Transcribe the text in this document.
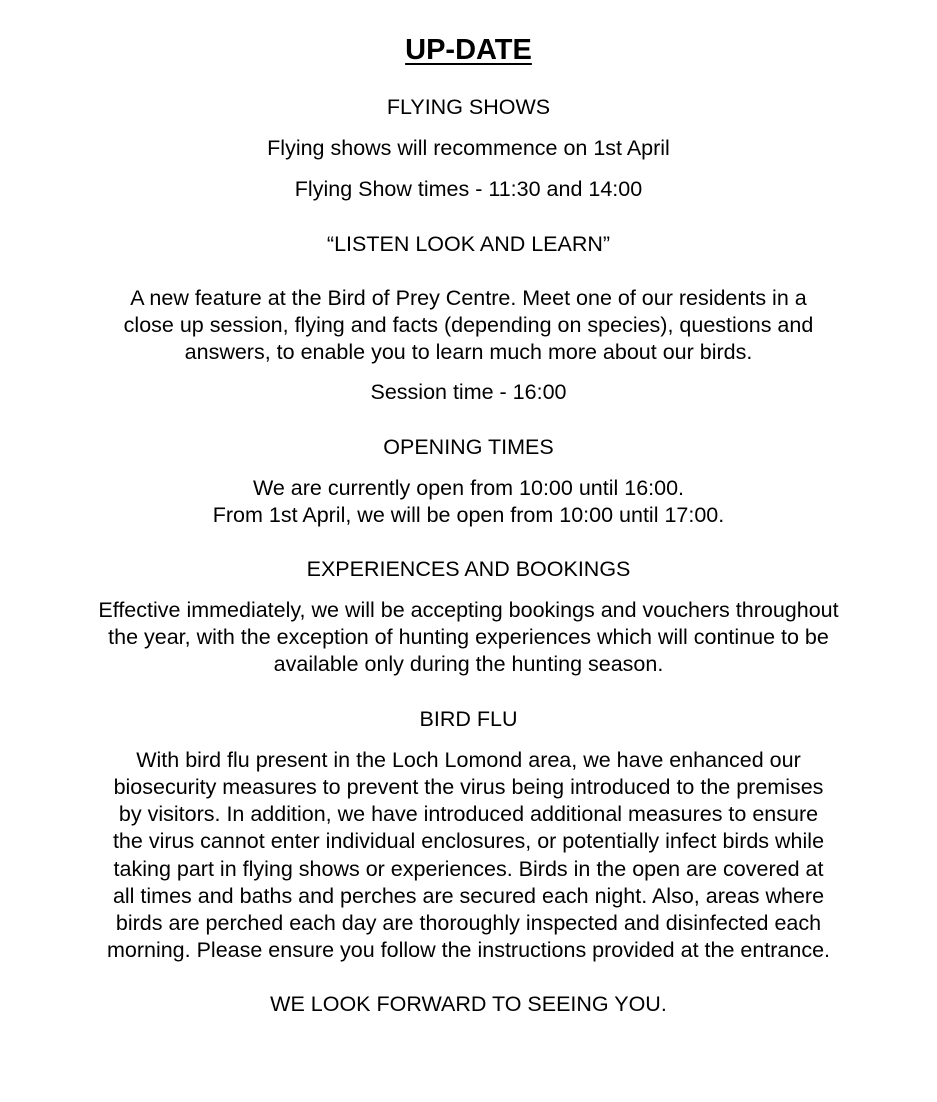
UP-DATE
FLYING SHOWS
Flying shows will recommence on 1st April
Flying Show times - 11:30 and 14:00
“LISTEN LOOK AND LEARN”
A new feature at the Bird of Prey Centre. Meet one of our residents in a
close up session, flying and facts (depending on species), questions and
answers, to enable you to learn much more about our birds.
Session time - 16:00
OPENING TIMES
We are currently open from 10:00 until 16:00.
From 1st April, we will be open from 10:00 until 17:00.
EXPERIENCES AND BOOKINGS
Effective immediately, we will be accepting bookings and vouchers throughout
the year, with the exception of hunting experiences which will continue to be
available only during the hunting season.
BIRD FLU
With bird flu present in the Loch Lomond area, we have enhanced our
biosecurity measures to prevent the virus being introduced to the premises
by visitors. In addition, we have introduced additional measures to ensure
the virus cannot enter individual enclosures, or potentially infect birds while
taking part in flying shows or experiences. Birds in the open are covered at
all times and baths and perches are secured each night. Also, areas where
birds are perched each day are thoroughly inspected and disinfected each
morning. Please ensure you follow the instructions provided at the entrance.
WE LOOK FORWARD TO SEEING YOU.
